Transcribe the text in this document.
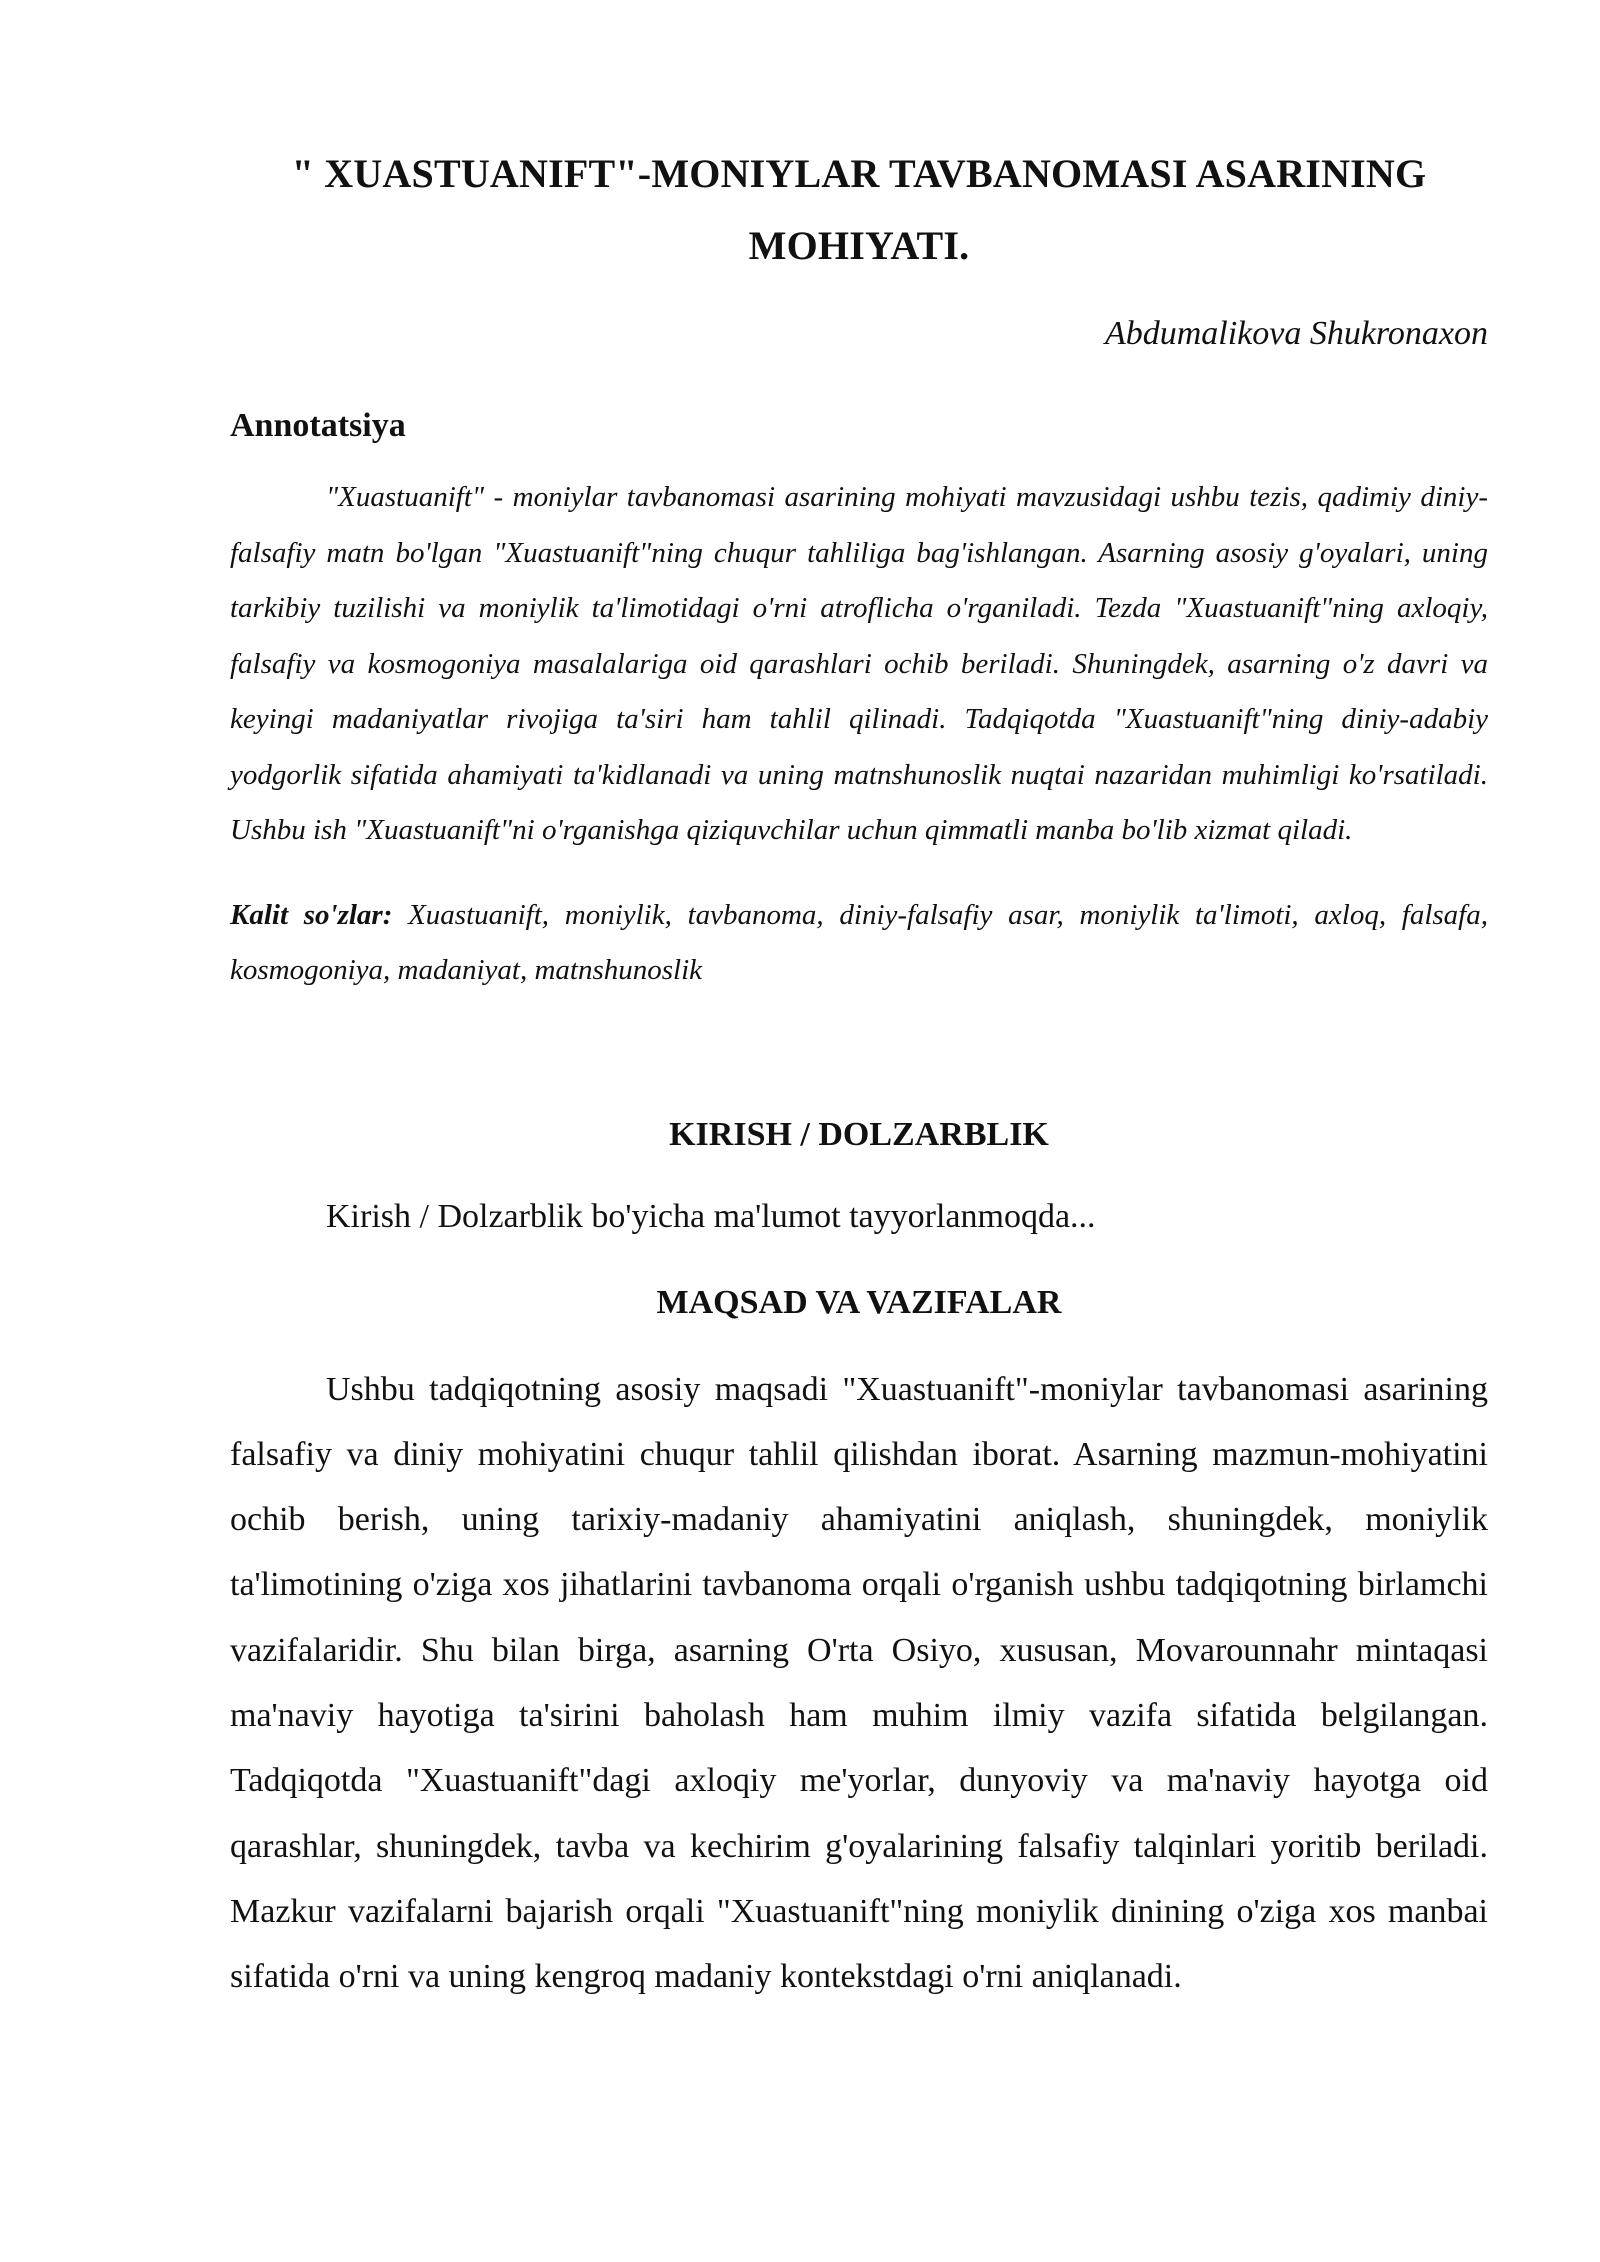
" XUASTUANIFT"-MONIYLAR TAVBANOMASI ASARINING
MOHIYATI.
Abdumalikova Shukronaxon
Annotatsiya

"Xuastuanift" - moniylar tavbanomasi asarining mohiyati mavzusidagi ushbu tezis, qadimiy diniy-falsafiy matn bo'lgan "Xuastuanift"ning chuqur tahliliga bag'ishlangan. Asarning asosiy g'oyalari, uning tarkibiy tuzilishi va moniylik ta'limotidagi o'rni atroflicha o'rganiladi. Tezda "Xuastuanift"ning axloqiy, falsafiy va kosmogoniya masalalariga oid qarashlari ochib beriladi. Shuningdek, asarning o'z davri va keyingi madaniyatlar rivojiga ta'siri ham tahlil qilinadi. Tadqiqotda "Xuastuanift"ning diniy-adabiy yodgorlik sifatida ahamiyati ta'kidlanadi va uning matnshunoslik nuqtai nazaridan muhimligi ko'rsatiladi. Ushbu ish "Xuastuanift"ni o'rganishga qiziquvchilar uchun qimmatli manba bo'lib xizmat qiladi.

Kalit so'zlar: Xuastuanift, moniylik, tavbanoma, diniy-falsafiy asar, moniylik ta'limoti, axloq, falsafa, kosmogoniya, madaniyat, matnshunoslik

KIRISH / DOLZARBLIK

Kirish / Dolzarblik bo'yicha ma'lumot tayyorlanmoqda...

MAQSAD VA VAZIFALAR

Ushbu tadqiqotning asosiy maqsadi "Xuastuanift"-moniylar tavbanomasi asarining falsafiy va diniy mohiyatini chuqur tahlil qilishdan iborat. Asarning mazmun-mohiyatini ochib berish, uning tarixiy-madaniy ahamiyatini aniqlash, shuningdek, moniylik ta'limotining o'ziga xos jihatlarini tavbanoma orqali o'rganish ushbu tadqiqotning birlamchi vazifalaridir. Shu bilan birga, asarning O'rta Osiyo, xususan, Movarounnahr mintaqasi ma'naviy hayotiga ta'sirini baholash ham muhim ilmiy vazifa sifatida belgilangan. Tadqiqotda "Xuastuanift"dagi axloqiy me'yorlar, dunyoviy va ma'naviy hayotga oid qarashlar, shuningdek, tavba va kechirim g'oyalarining falsafiy talqinlari yoritib beriladi. Mazkur vazifalarni bajarish orqali "Xuastuanift"ning moniylik dinining o'ziga xos manbai sifatida o'rni va uning kengroq madaniy kontekstdagi o'rni aniqlanadi.
